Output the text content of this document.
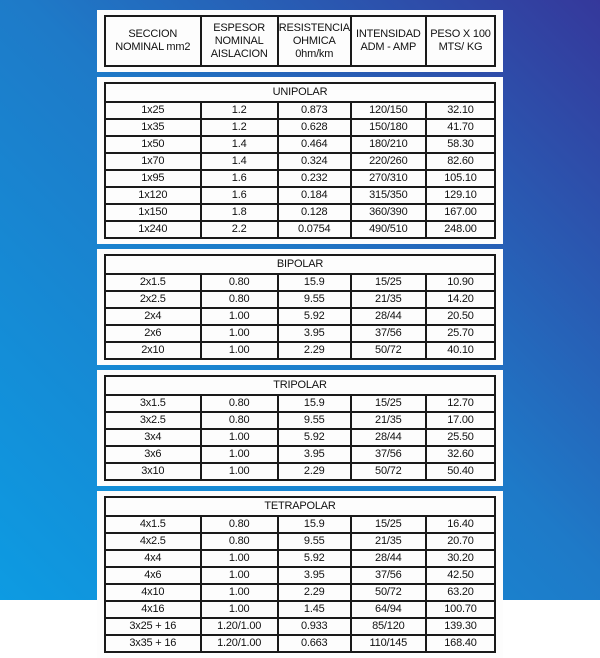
SECCION
NOMINAL mm2

ESPESOR
NOMINAL
AISLACION

RESISTENCIA
OHMICA
0hm/km

INTENSIDAD
ADM - AMP

PESO X 100
MTS/ KG
UNIPOLAR				
1x25	1.2	0.873	120/150	32.10
1x35	1.2	0.628	150/180	41.70
1x50	1.4	0.464	180/210	58.30
1x70	1.4	0.324	220/260	82.60
1x95	1.6	0.232	270/310	105.10
1x120	1.6	0.184	315/350	129.10
1x150	1.8	0.128	360/390	167.00
1x240	2.2	0.0754	490/510	248.00
BIPOLAR				
2x1.5	0.80	15.9	15/25	10.90
2x2.5	0.80	9.55	21/35	14.20
2x4	1.00	5.92	28/44	20.50
2x6	1.00	3.95	37/56	25.70
2x10	1.00	2.29	50/72	40.10
TRIPOLAR				
3x1.5	0.80	15.9	15/25	12.70
3x2.5	0.80	9.55	21/35	17.00
3x4	1.00	5.92	28/44	25.50
3x6	1.00	3.95	37/56	32.60
3x10	1.00	2.29	50/72	50.40
TETRAPOLAR				
4x1.5	0.80	15.9	15/25	16.40
4x2.5	0.80	9.55	21/35	20.70
4x4	1.00	5.92	28/44	30.20
4x6	1.00	3.95	37/56	42.50
4x10	1.00	2.29	50/72	63.20
4x16	1.00	1.45	64/94	100.70
3x25 + 16	1.20/1.00	0.933	85/120	139.30
3x35 + 16	1.20/1.00	0.663	110/145	168.40
